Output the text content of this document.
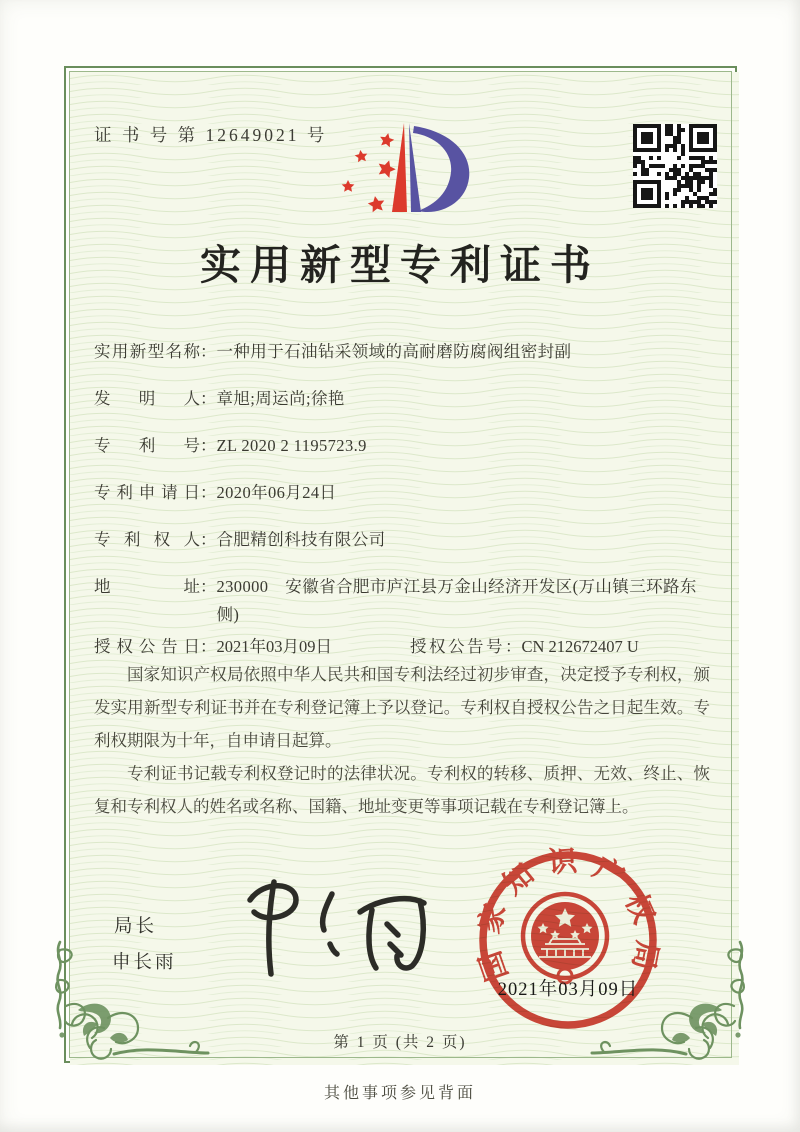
证 书 号 第 12649021 号
实用新型专利证书
实用新型名称 ： 一种用于石油钻采领域的高耐磨防腐阀组密封副
发明人 ： 章旭;周运尚;徐艳
专利号 ： ZL 2020 2 1195723.9
专利申请日 ： 2020年06月24日
专利权人 ： 合肥精创科技有限公司
地址 ： 230000　安徽省合肥市庐江县万金山经济开发区(万山镇三环路东侧)
授权公告日 ： 2021年03月09日	授权公告号 ： CN 212672407 U

国家知识产权局依照中华人民共和国专利法经过初步审查，决定授予专利权，颁发实用新型专利证书并在专利登记簿上予以登记。专利权自授权公告之日起生效。专利权期限为十年，自申请日起算。

专利证书记载专利权登记时的法律状况。专利权的转移、质押、无效、终止、恢复和专利权人的姓名或名称、国籍、地址变更等事项记载在专利登记簿上。

局长
申长雨	国家知识产权局
2021年03月09日
第 1 页 (共 2 页)
其他事项参见背面
